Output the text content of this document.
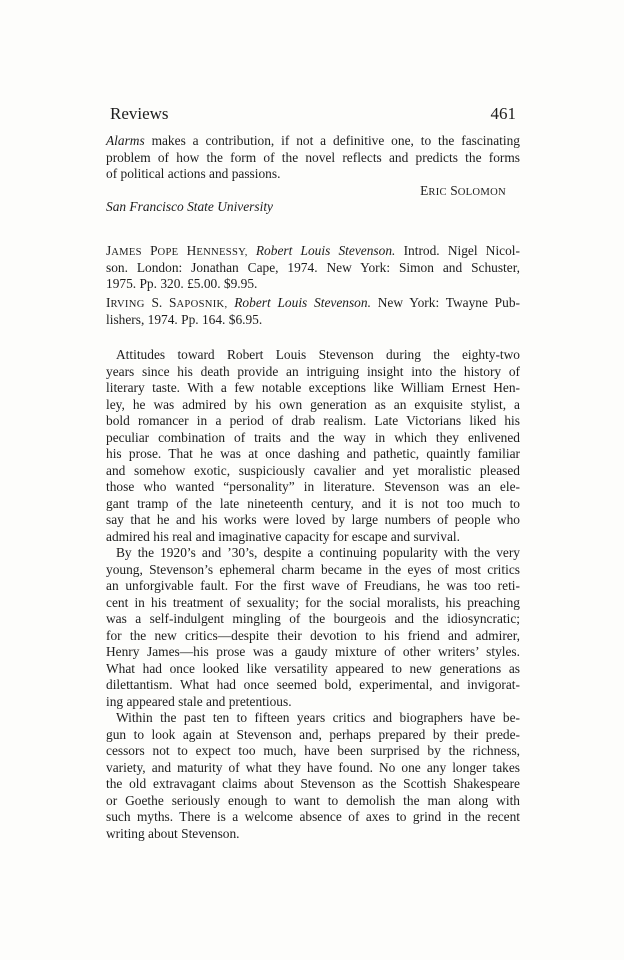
Reviews	461
Alarms makes a contribution, if not a definitive one, to the fascinating
problem of how the form of the novel reflects and predicts the forms
of political actions and passions.
ERIC SOLOMON
San Francisco State University
JAMES POPE HENNESSY, Robert Louis Stevenson. Introd. Nigel Nicol-
son. London: Jonathan Cape, 1974. New York: Simon and Schuster,
1975. Pp. 320. £5.00. $9.95.
IRVING S. SAPOSNIK, Robert Louis Stevenson. New York: Twayne Pub-
lishers, 1974. Pp. 164. $6.95.
Attitudes toward Robert Louis Stevenson during the eighty-two
years since his death provide an intriguing insight into the history of
literary taste. With a few notable exceptions like William Ernest Hen-
ley, he was admired by his own generation as an exquisite stylist, a
bold romancer in a period of drab realism. Late Victorians liked his
peculiar combination of traits and the way in which they enlivened
his prose. That he was at once dashing and pathetic, quaintly familiar
and somehow exotic, suspiciously cavalier and yet moralistic pleased
those who wanted “personality” in literature. Stevenson was an ele-
gant tramp of the late nineteenth century, and it is not too much to
say that he and his works were loved by large numbers of people who
admired his real and imaginative capacity for escape and survival.
By the 1920’s and ’30’s, despite a continuing popularity with the very
young, Stevenson’s ephemeral charm became in the eyes of most critics
an unforgivable fault. For the first wave of Freudians, he was too reti-
cent in his treatment of sexuality; for the social moralists, his preaching
was a self-indulgent mingling of the bourgeois and the idiosyncratic;
for the new critics—despite their devotion to his friend and admirer,
Henry James—his prose was a gaudy mixture of other writers’ styles.
What had once looked like versatility appeared to new generations as
dilettantism. What had once seemed bold, experimental, and invigorat-
ing appeared stale and pretentious.
Within the past ten to fifteen years critics and biographers have be-
gun to look again at Stevenson and, perhaps prepared by their prede-
cessors not to expect too much, have been surprised by the richness,
variety, and maturity of what they have found. No one any longer takes
the old extravagant claims about Stevenson as the Scottish Shakespeare
or Goethe seriously enough to want to demolish the man along with
such myths. There is a welcome absence of axes to grind in the recent
writing about Stevenson.
